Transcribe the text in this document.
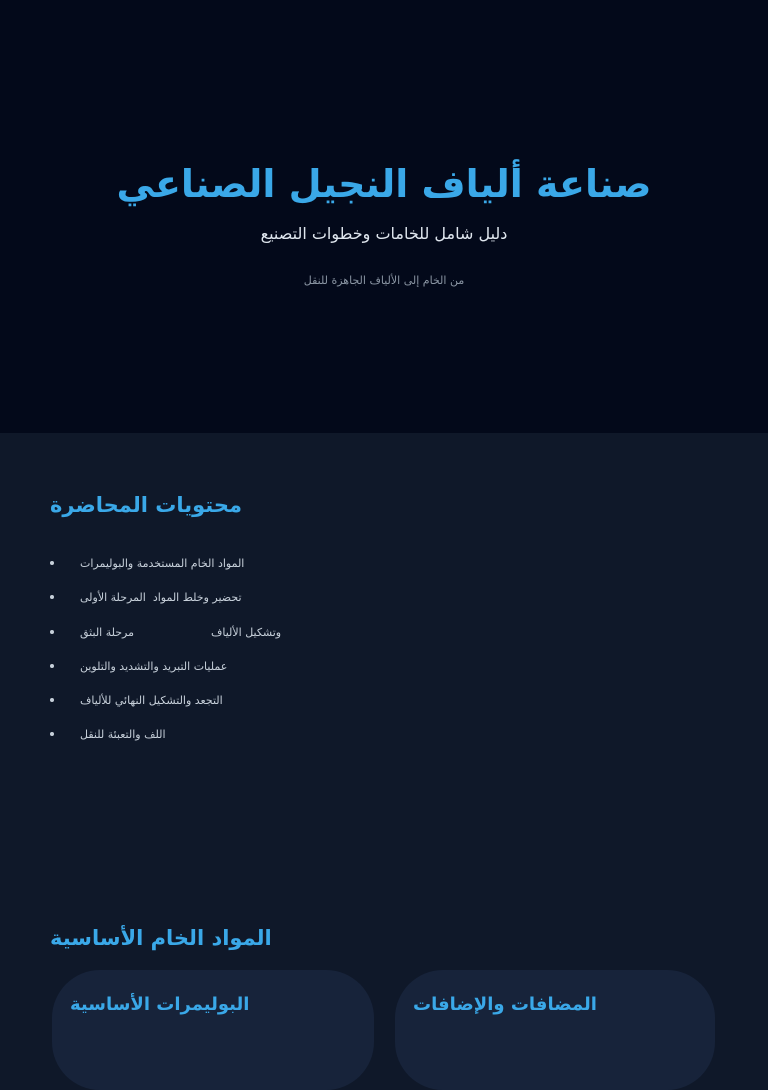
صناعة ألياف النجيل الصناعي

دليل شامل للخامات وخطوات التصنيع

من الخام إلى الألياف الجاهزة للنقل

محتويات المحاضرة
المواد الخام المستخدمة والبوليمرات
تحضير وخلط المواد  المرحلة الأولى
وتشكيل الألياف                      مرحلة البثق
عمليات التبريد والتشديد والتلوين
التجعد والتشكيل النهائي للألياف
اللف والتعبئة للنقل
المواد الخام الأساسية
البوليمرات الأساسية	المضافات والإضافات
